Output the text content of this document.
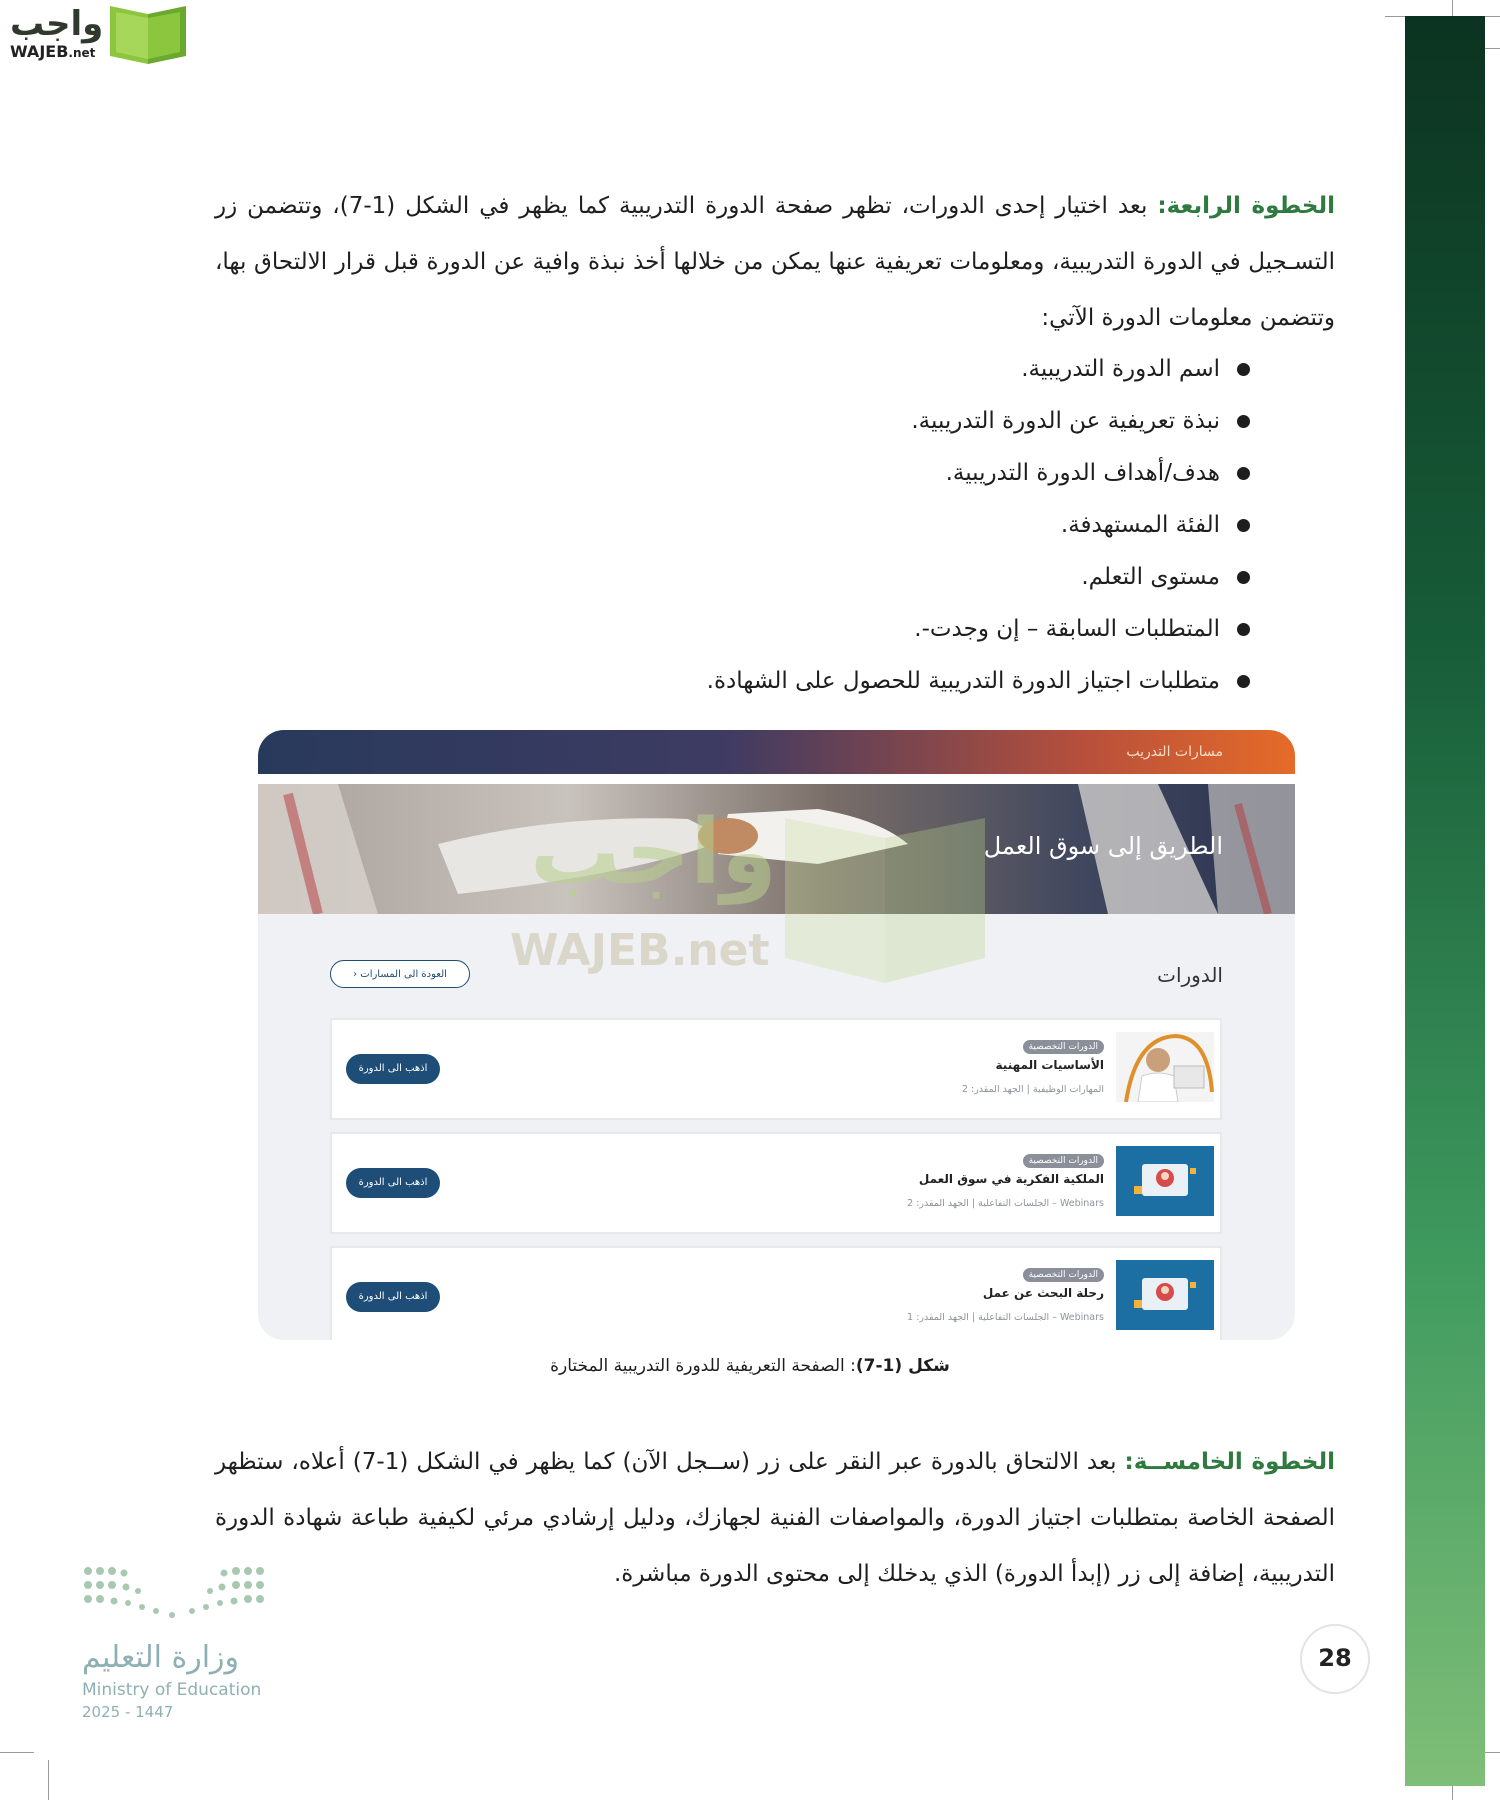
واجب
WAJEB.net
الخطوة الرابعة: بعد اختيار إحدى الدورات، تظهر صفحة الدورة التدريبية كما يظهر في الشكل (1-7)، وتتضمن زر التسـجيل في الدورة التدريبية، ومعلومات تعريفية عنها يمكن من خلالها أخذ نبذة وافية عن الدورة قبل قرار الالتحاق بها، وتتضمن معلومات الدورة الآتي:
اسم الدورة التدريبية.
نبذة تعريفية عن الدورة التدريبية.
هدف/أهداف الدورة التدريبية.
الفئة المستهدفة.
مستوى التعلم.
المتطلبات السابقة – إن وجدت-.
متطلبات اجتياز الدورة التدريبية للحصول على الشهادة.
مسارات التدريب
الطريق إلى سوق العمل
الدورات
العودة الى المسارات ‹
الدورات التخصصية
الأساسيات المهنية
المهارات الوظيفية | الجهد المقدر: 2
اذهب الى الدورة
الدورات التخصصية
الملكية الفكرية في سوق العمل
Webinars – الجلسات التفاعلية | الجهد المقدر: 2
اذهب الى الدورة
الدورات التخصصية
رحلة البحث عن عمل
Webinars – الجلسات التفاعلية | الجهد المقدر: 1
اذهب الى الدورة
واجب
WAJEB.net
شكل (1-7): الصفحة التعريفية للدورة التدريبية المختارة
الخطوة الخامســة: بعد الالتحاق بالدورة عبر النقر على زر (ســجل الآن) كما يظهر في الشكل (1-7) أعلاه، ستظهر الصفحة الخاصة بمتطلبات اجتياز الدورة، والمواصفات الفنية لجهازك، ودليل إرشادي مرئي لكيفية طباعة شهادة الدورة التدريبية، إضافة إلى زر (إبدأ الدورة) الذي يدخلك إلى محتوى الدورة مباشرة.
وزارة التعليم
Ministry of Education
2025 - 1447
28
